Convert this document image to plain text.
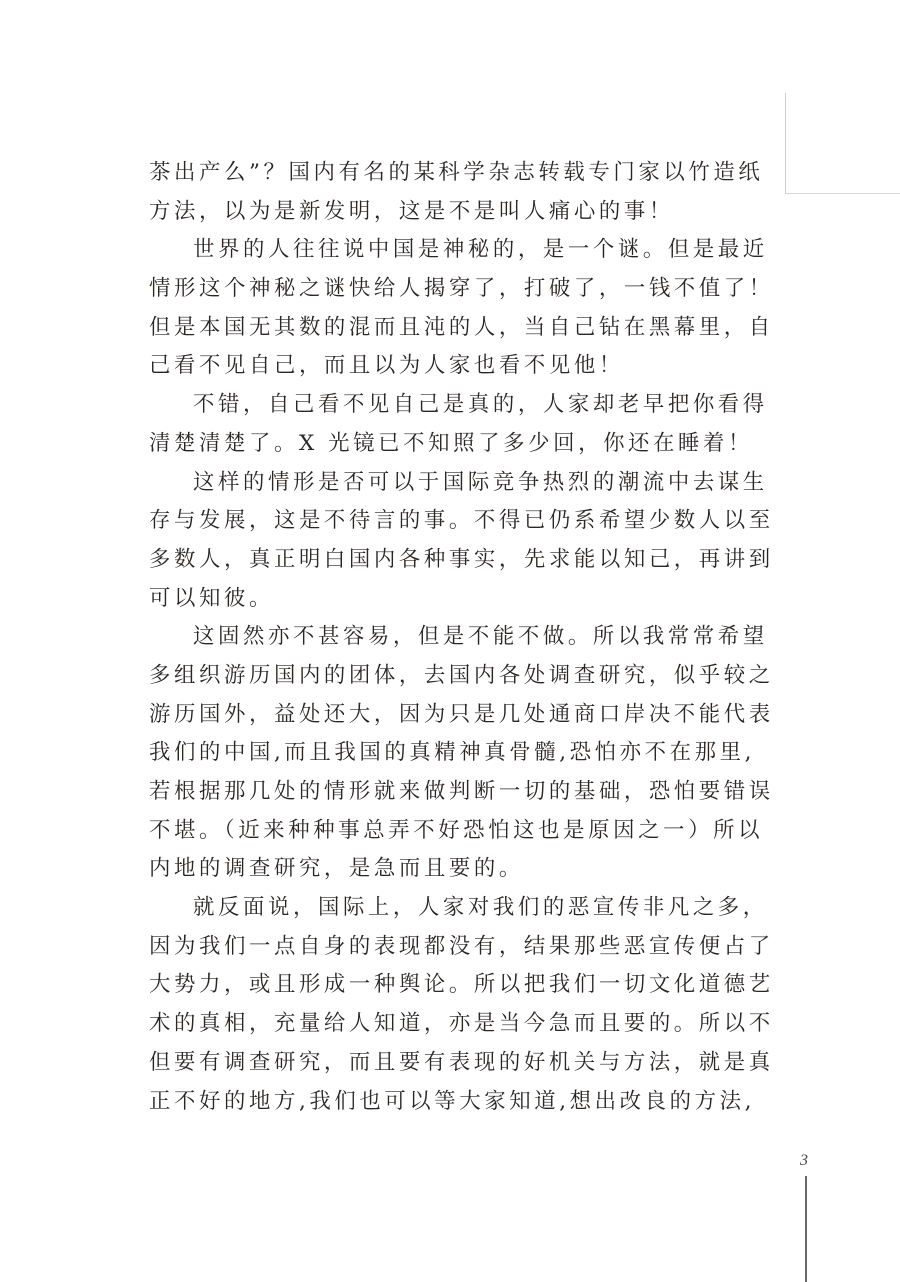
茶出产么”？国内有名的某科学杂志转载专门家以竹造纸
方法，以为是新发明，这是不是叫人痛心的事！
世界的人往往说中国是神秘的，是一个谜。但是最近
情形这个神秘之谜快给人揭穿了，打破了，一钱不值了！
但是本国无其数的混而且沌的人，当自己钻在黑幕里，自
己看不见自己，而且以为人家也看不见他！
不错，自己看不见自己是真的，人家却老早把你看得
清楚清楚了。X 光镜已不知照了多少回，你还在睡着！
这样的情形是否可以于国际竞争热烈的潮流中去谋生
存与发展，这是不待言的事。不得已仍系希望少数人以至
多数人，真正明白国内各种事实，先求能以知己，再讲到
可以知彼。
这固然亦不甚容易，但是不能不做。所以我常常希望
多组织游历国内的团体，去国内各处调查研究，似乎较之
游历国外，益处还大，因为只是几处通商口岸决不能代表
我们的中国,而且我国的真精神真骨髓,恐怕亦不在那里,
若根据那几处的情形就来做判断一切的基础，恐怕要错误
不堪。（近来种种事总弄不好恐怕这也是原因之一）所以
内地的调查研究，是急而且要的。
就反面说，国际上，人家对我们的恶宣传非凡之多，
因为我们一点自身的表现都没有，结果那些恶宣传便占了
大势力，或且形成一种舆论。所以把我们一切文化道德艺
术的真相，充量给人知道，亦是当今急而且要的。所以不
但要有调查研究，而且要有表现的好机关与方法，就是真
正不好的地方,我们也可以等大家知道,想出改良的方法,
3
